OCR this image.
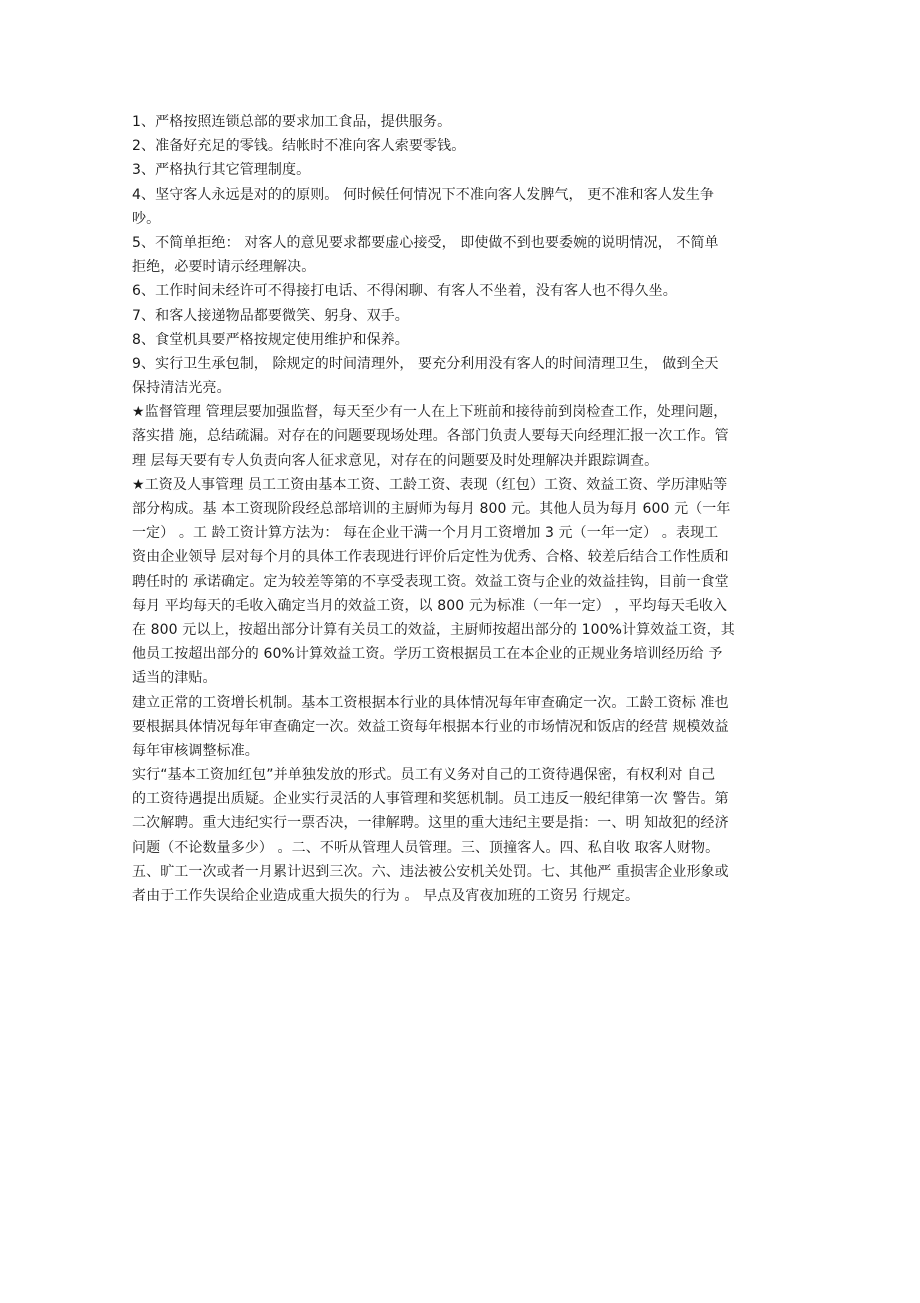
1、严格按照连锁总部的要求加工食品，提供服务。
2、准备好充足的零钱。结帐时不准向客人索要零钱。
3、严格执行其它管理制度。
4、坚守客人永远是对的的原则。 何时候任何情况下不准向客人发脾气， 更不准和客人发生争
吵。
5、不简单拒绝： 对客人的意见要求都要虚心接受， 即使做不到也要委婉的说明情况， 不简单
拒绝，必要时请示经理解决。
6、工作时间未经许可不得接打电话、不得闲聊、有客人不坐着，没有客人也不得久坐。
7、和客人接递物品都要微笑、躬身、双手。
8、食堂机具要严格按规定使用维护和保养。
9、实行卫生承包制， 除规定的时间清理外， 要充分利用没有客人的时间清理卫生， 做到全天
保持清洁光亮。
★监督管理 管理层要加强监督，每天至少有一人在上下班前和接待前到岗检查工作，处理问题，
落实措 施，总结疏漏。对存在的问题要现场处理。各部门负责人要每天向经理汇报一次工作。管
理 层每天要有专人负责向客人征求意见，对存在的问题要及时处理解决并跟踪调查。
★工资及人事管理 员工工资由基本工资、工龄工资、表现（红包）工资、效益工资、学历津贴等
部分构成。基 本工资现阶段经总部培训的主厨师为每月 800 元。其他人员为每月 600 元（一年
一定） 。工 龄工资计算方法为： 每在企业干满一个月月工资增加 3 元（一年一定） 。表现工
资由企业领导 层对每个月的具体工作表现进行评价后定性为优秀、合格、较差后结合工作性质和
聘任时的 承诺确定。定为较差等第的不享受表现工资。效益工资与企业的效益挂钩，目前一食堂
每月 平均每天的毛收入确定当月的效益工资，以 800 元为标准（一年一定） ，平均每天毛收入
在 800 元以上，按超出部分计算有关员工的效益，主厨师按超出部分的 100%计算效益工资，其
他员工按超出部分的 60%计算效益工资。学历工资根据员工在本企业的正规业务培训经历给 予
适当的津贴。
建立正常的工资增长机制。基本工资根据本行业的具体情况每年审查确定一次。工龄工资标 准也
要根据具体情况每年审查确定一次。效益工资每年根据本行业的市场情况和饭店的经营 规模效益
每年审核调整标准。
实行“基本工资加红包”并单独发放的形式。员工有义务对自己的工资待遇保密，有权利对 自己
的工资待遇提出质疑。企业实行灵活的人事管理和奖惩机制。员工违反一般纪律第一次 警告。第
二次解聘。重大违纪实行一票否决，一律解聘。这里的重大违纪主要是指：一、明 知故犯的经济
问题（不论数量多少） 。二、不听从管理人员管理。三、顶撞客人。四、私自收 取客人财物。
五、旷工一次或者一月累计迟到三次。六、违法被公安机关处罚。七、其他严 重损害企业形象或
者由于工作失误给企业造成重大损失的行为 。 早点及宵夜加班的工资另 行规定。
